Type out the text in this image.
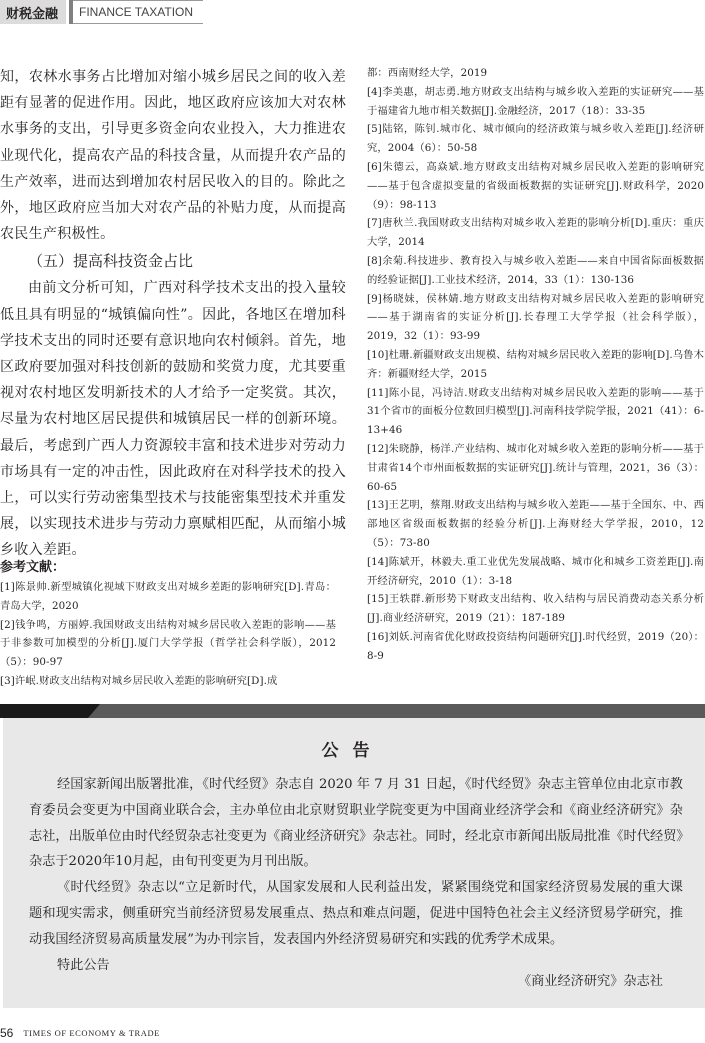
财税金融	FINANCE TAXATION

知，农林水事务占比增加对缩小城乡居民之间的收入差距有显著的促进作用。因此，地区政府应该加大对农林水事务的支出，引导更多资金向农业投入，大力推进农业现代化，提高农产品的科技含量，从而提升农产品的生产效率，进而达到增加农村居民收入的目的。除此之外，地区政府应当加大对农产品的补贴力度，从而提高农民生产积极性。

（五）提高科技资金占比

由前文分析可知，广西对科学技术支出的投入量较低且具有明显的“城镇偏向性”。因此，各地区在增加科学技术支出的同时还要有意识地向农村倾斜。首先，地区政府要加强对科技创新的鼓励和奖赏力度，尤其要重视对农村地区发明新技术的人才给予一定奖赏。其次，尽量为农村地区居民提供和城镇居民一样的创新环境。最后，考虑到广西人力资源较丰富和技术进步对劳动力市场具有一定的冲击性，因此政府在对科学技术的投入上，可以实行劳动密集型技术与技能密集型技术并重发展，以实现技术进步与劳动力禀赋相匹配，从而缩小城乡收入差距。

参考文献：

[1]陈景帅.新型城镇化视域下财政支出对城乡差距的影响研究[D].青岛：青岛大学，2020

[2]钱争鸣，方丽婷.我国财政支出结构对城乡居民收入差距的影响——基于非参数可加模型的分析[J].厦门大学学报（哲学社会科学版），2012（5）：90-97

[3]许岷.财政支出结构对城乡居民收入差距的影响研究[D].成

都：西南财经大学，2019

[4]李美惠，胡志勇.地方财政支出结构与城乡收入差距的实证研究——基于福建省九地市相关数据[J].金融经济，2017（18）：33-35

[5]陆铭，陈钊.城市化、城市倾向的经济政策与城乡收入差距[J].经济研究，2004（6）：50-58

[6]朱德云，高焱斌.地方财政支出结构对城乡居民收入差距的影响研究——基于包含虚拟变量的省级面板数据的实证研究[J].财政科学，2020（9）：98-113

[7]唐秋兰.我国财政支出结构对城乡收入差距的影响分析[D].重庆：重庆大学，2014

[8]余菊.科技进步、教育投入与城乡收入差距——来自中国省际面板数据的经验证据[J].工业技术经济，2014，33（1）：130-136

[9]杨晓妹，侯林婧.地方财政支出结构对城乡居民收入差距的影响研究——基于湖南省的实证分析[J].长春理工大学学报（社会科学版），2019，32（1）：93-99

[10]杜珊.新疆财政支出规模、结构对城乡居民收入差距的影响[D].乌鲁木齐：新疆财经大学，2015

[11]陈小昆，冯诗洁.财政支出结构对城乡居民收入差距的影响——基于31个省市的面板分位数回归模型[J].河南科技学院学报，2021（41）：6-13+46

[12]朱晓静，杨洋.产业结构、城市化对城乡收入差距的影响分析——基于甘肃省14个市州面板数据的实证研究[J].统计与管理，2021，36（3）：60-65

[13]王艺明，蔡翔.财政支出结构与城乡收入差距——基于全国东、中、西部地区省级面板数据的经验分析[J].上海财经大学学报，2010，12（5）：73-80

[14]陈斌开，林毅夫.重工业优先发展战略、城市化和城乡工资差距[J].南开经济研究，2010（1）：3-18

[15]王轶群.新形势下财政支出结构、收入结构与居民消费动态关系分析[J].商业经济研究，2019（21）：187-189

[16]刘妖.河南省优化财政投资结构问题研究[J].时代经贸，2019（20）：8-9

公告

经国家新闻出版署批准，《时代经贸》杂志自 2020 年 7 月 31 日起，《时代经贸》杂志主管单位由北京市教育委员会变更为中国商业联合会，主办单位由北京财贸职业学院变更为中国商业经济学会和《商业经济研究》杂志社，出版单位由时代经贸杂志社变更为《商业经济研究》杂志社。同时，经北京市新闻出版局批准《时代经贸》杂志于2020年10月起，由旬刊变更为月刊出版。

《时代经贸》杂志以“立足新时代，从国家发展和人民利益出发，紧紧围绕党和国家经济贸易发展的重大课题和现实需求，侧重研究当前经济贸易发展重点、热点和难点问题，促进中国特色社会主义经济贸易学研究，推动我国经济贸易高质量发展”为办刊宗旨，发表国内外经济贸易研究和实践的优秀学术成果。

特此公告

《商业经济研究》杂志社
56 TIMES OF ECONOMY & TRADE
